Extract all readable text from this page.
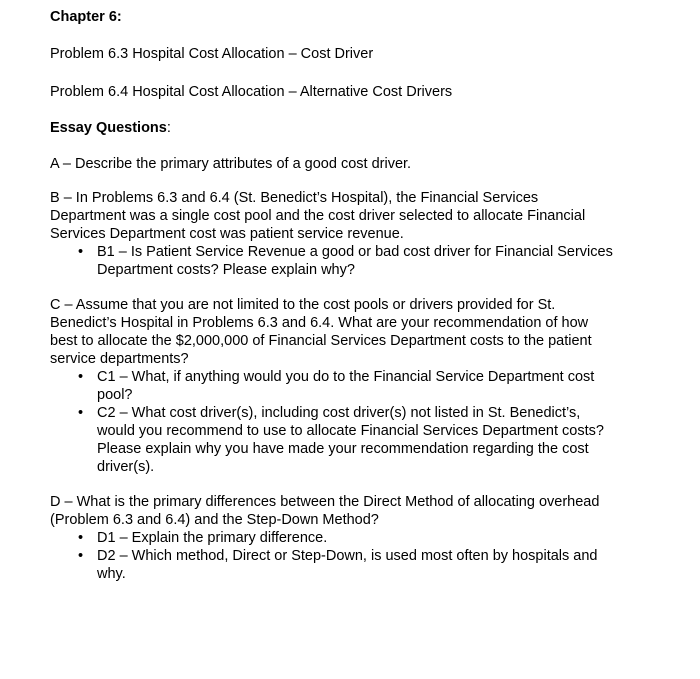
Chapter 6:

Problem 6.3 Hospital Cost Allocation – Cost Driver

Problem 6.4 Hospital Cost Allocation – Alternative Cost Drivers

Essay Questions:

A – Describe the primary attributes of a good cost driver.

B – In Problems 6.3 and 6.4 (St. Benedict’s Hospital), the Financial Services
Department was a single cost pool and the cost driver selected to allocate Financial
Services Department cost was patient service revenue.
• B1 – Is Patient Service Revenue a good or bad cost driver for Financial Services
Department costs? Please explain why?
C – Assume that you are not limited to the cost pools or drivers provided for St.
Benedict’s Hospital in Problems 6.3 and 6.4. What are your recommendation of how
best to allocate the $2,000,000 of Financial Services Department costs to the patient
service departments?
• C1 – What, if anything would you do to the Financial Service Department cost
pool?
• C2 – What cost driver(s), including cost driver(s) not listed in St. Benedict’s,
would you recommend to use to allocate Financial Services Department costs?
Please explain why you have made your recommendation regarding the cost
driver(s).
D – What is the primary differences between the Direct Method of allocating overhead
(Problem 6.3 and 6.4) and the Step-Down Method?
• D1 – Explain the primary difference.
• D2 – Which method, Direct or Step-Down, is used most often by hospitals and
why.
